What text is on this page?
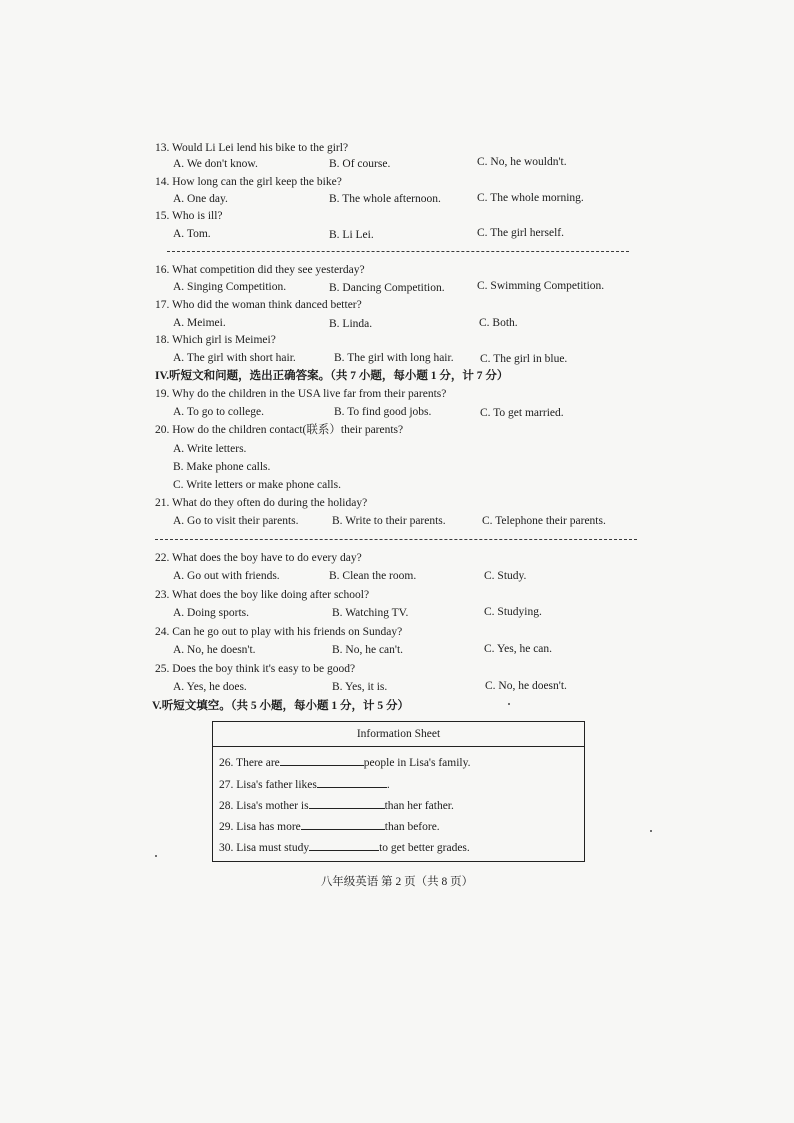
13. Would Li Lei lend his bike to the girl?
A. We don't know.	B. Of course.	C. No, he wouldn't.
14. How long can the girl keep the bike?
A. One day.	B. The whole afternoon.	C. The whole morning.
15. Who is ill?
A. Tom.	B. Li Lei.	C. The girl herself.
16. What competition did they see yesterday?
A. Singing Competition.	B. Dancing Competition.	C. Swimming Competition.
17. Who did the woman think danced better?
A. Meimei.	B. Linda.	C. Both.
18. Which girl is Meimei?
A. The girl with short hair.	B. The girl with long hair. C. The girl in blue.
IV.听短文和问题，选出正确答案。（共 7 小题，每小题 1 分，计 7 分）
19. Why do the children in the USA live far from their parents?
A. To go to college.	B. To find good jobs.	C. To get married.
20. How do the children contact(联系）their parents?
A. Write letters.
B. Make phone calls.
C. Write letters or make phone calls.
21. What do they often do during the holiday?
A. Go to visit their parents.	B. Write to their parents.	C. Telephone their parents.
22. What does the boy have to do every day?
A. Go out with friends.	B. Clean the room.	C. Study.
23. What does the boy like doing after school?
A. Doing sports.	B. Watching TV.	C. Studying.
24. Can he go out to play with his friends on Sunday?
A. No, he doesn't.	B. No, he can't.	C. Yes, he can.
25. Does the boy think it's easy to be good?
A. Yes, he does.	B. Yes, it is.	C. No, he doesn't.
V.听短文填空。（共 5 小题，每小题 1 分，计 5 分）
Information Sheet
26. There are	people in Lisa's family.
27. Lisa's father likes	.
28. Lisa's mother is	than her father.
29. Lisa has more	than before.
30. Lisa must study	to get better grades.
八年级英语 第 2 页（共 8 页）
